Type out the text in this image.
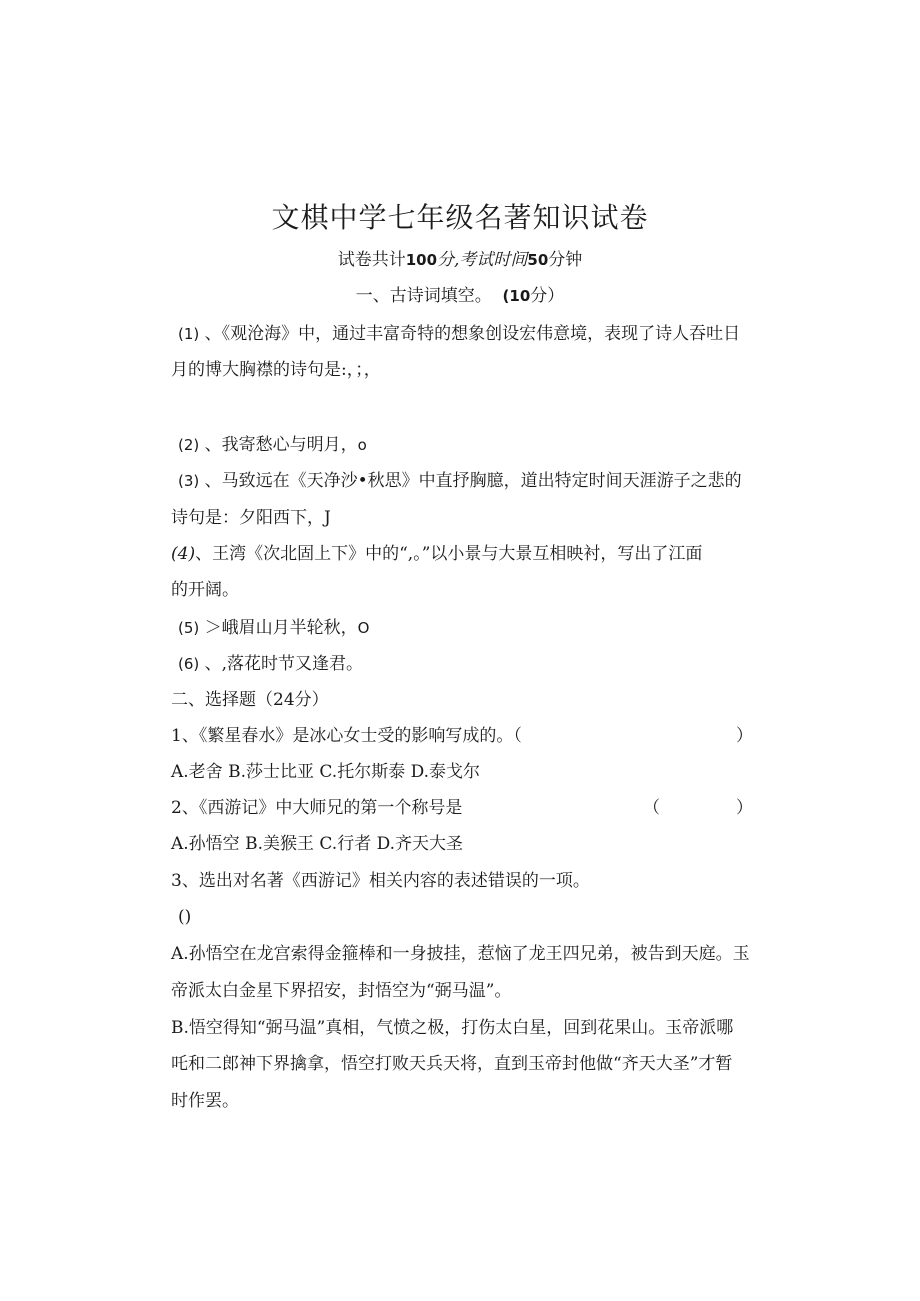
文棋中学七年级名著知识试卷
试卷共计100分,考试时间50分钟
一、古诗词填空。 (10分）
(1) 、《观沧海》中，通过丰富奇特的想象创设宏伟意境，表现了诗人吞吐日
月的博大胸襟的诗句是:，；，
(2) 、我寄愁心与明月，o
(3) 、马致远在《天净沙•秋思》中直抒胸臆，道出特定时间天涯游子之悲的
诗句是：夕阳西下，J
(4)、王湾《次北固上下》中的“,。”以小景与大景互相映衬，写出了江面
的开阔。
(5) ＞峨眉山月半轮秋，O
(6) 、,落花时节又逢君。
二、选择题（24分）
1、《繁星春水》是冰心女士受的影响写成的。（	）
A.老舍 B.莎士比亚 C.托尔斯泰 D.泰戈尔
2、《西游记》中大师兄的第一个称号是	（	）
A.孙悟空 B.美猴王 C.行者 D.齐天大圣
3、选出对名著《西游记》相关内容的表述错误的一项。
()
A.孙悟空在龙宫索得金箍棒和一身披挂，惹恼了龙王四兄弟，被告到天庭。玉
帝派太白金星下界招安，封悟空为“弼马温”。
B.悟空得知“弼马温”真相，气愤之极，打伤太白星，回到花果山。玉帝派哪
吒和二郎神下界擒拿，悟空打败天兵天将，直到玉帝封他做“齐天大圣”才暂
时作罢。
